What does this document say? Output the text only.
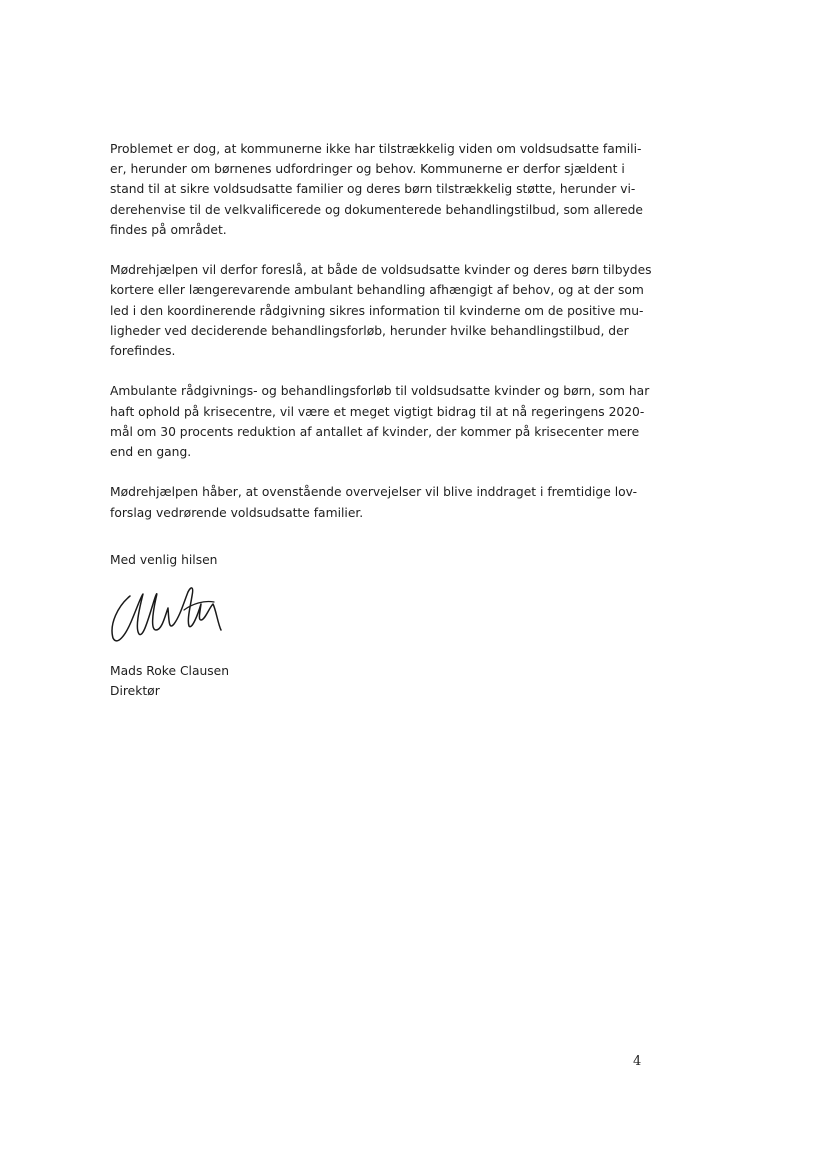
Problemet er dog, at kommunerne ikke har tilstrækkelig viden om voldsudsatte famili-
er, herunder om børnenes udfordringer og behov. Kommunerne er derfor sjældent i
stand til at sikre voldsudsatte familier og deres børn tilstrækkelig støtte, herunder vi-
derehenvise til de velkvalificerede og dokumenterede behandlingstilbud, som allerede
findes på området.

Mødrehjælpen vil derfor foreslå, at både de voldsudsatte kvinder og deres børn tilbydes
kortere eller længerevarende ambulant behandling afhængigt af behov, og at der som
led i den koordinerende rådgivning sikres information til kvinderne om de positive mu-
ligheder ved deciderende behandlingsforløb, herunder hvilke behandlingstilbud, der
forefindes.

Ambulante rådgivnings- og behandlingsforløb til voldsudsatte kvinder og børn, som har
haft ophold på krisecentre, vil være et meget vigtigt bidrag til at nå regeringens 2020-
mål om 30 procents reduktion af antallet af kvinder, der kommer på krisecenter mere
end en gang.

Mødrehjælpen håber, at ovenstående overvejelser vil blive inddraget i fremtidige lov-
forslag vedrørende voldsudsatte familier.

Med venlig hilsen
Mads Roke Clausen
Direktør
4
